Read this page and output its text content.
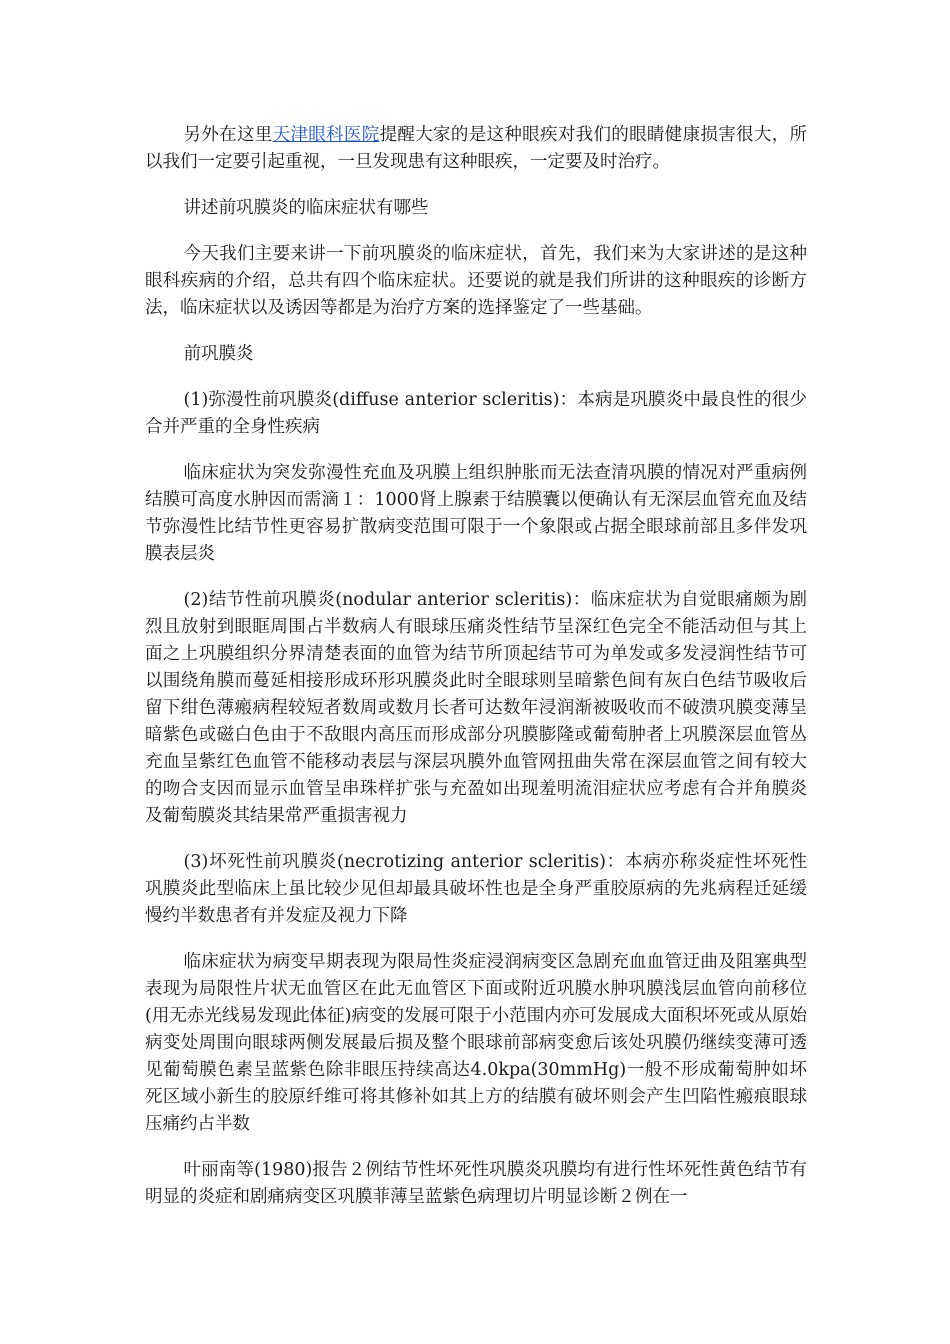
另外在这里天津眼科医院提醒大家的是这种眼疾对我们的眼睛健康损害很大，所以我们一定要引起重视，一旦发现患有这种眼疾，一定要及时治疗。

讲述前巩膜炎的临床症状有哪些

今天我们主要来讲一下前巩膜炎的临床症状，首先，我们来为大家讲述的是这种眼科疾病的介绍，总共有四个临床症状。还要说的就是我们所讲的这种眼疾的诊断方法，临床症状以及诱因等都是为治疗方案的选择鉴定了一些基础。

前巩膜炎

(1)弥漫性前巩膜炎(diffuse anterior scleritis)：本病是巩膜炎中最良性的很少合并严重的全身性疾病

临床症状为突发弥漫性充血及巩膜上组织肿胀而无法查清巩膜的情况对严重病例结膜可高度水肿因而需滴１：1000肾上腺素于结膜囊以便确认有无深层血管充血及结节弥漫性比结节性更容易扩散病变范围可限于一个象限或占据全眼球前部且多伴发巩膜表层炎

(2)结节性前巩膜炎(nodular anterior scleritis)：临床症状为自觉眼痛颇为剧烈且放射到眼眶周围占半数病人有眼球压痛炎性结节呈深红色完全不能活动但与其上面之上巩膜组织分界清楚表面的血管为结节所顶起结节可为单发或多发浸润性结节可以围绕角膜而蔓延相接形成环形巩膜炎此时全眼球则呈暗紫色间有灰白色结节吸收后留下绀色薄瘢病程较短者数周或数月长者可达数年浸润渐被吸收而不破溃巩膜变薄呈暗紫色或磁白色由于不敌眼内高压而形成部分巩膜膨隆或葡萄肿者上巩膜深层血管丛充血呈紫红色血管不能移动表层与深层巩膜外血管网扭曲失常在深层血管之间有较大的吻合支因而显示血管呈串珠样扩张与充盈如出现羞明流泪症状应考虑有合并角膜炎及葡萄膜炎其结果常严重损害视力

(3)坏死性前巩膜炎(necrotizing anterior scleritis)：本病亦称炎症性坏死性巩膜炎此型临床上虽比较少见但却最具破坏性也是全身严重胶原病的先兆病程迁延缓慢约半数患者有并发症及视力下降

临床症状为病变早期表现为限局性炎症浸润病变区急剧充血血管迂曲及阻塞典型表现为局限性片状无血管区在此无血管区下面或附近巩膜水肿巩膜浅层血管向前移位(用无赤光线易发现此体征)病变的发展可限于小范围内亦可发展成大面积坏死或从原始病变处周围向眼球两侧发展最后损及整个眼球前部病变愈后该处巩膜仍继续变薄可透见葡萄膜色素呈蓝紫色除非眼压持续高达4.0kpa(30mmHg)一般不形成葡萄肿如坏死区域小新生的胶原纤维可将其修补如其上方的结膜有破坏则会产生凹陷性瘢痕眼球压痛约占半数

叶丽南等(1980)报告２例结节性坏死性巩膜炎巩膜均有进行性坏死性黄色结节有明显的炎症和剧痛病变区巩膜菲薄呈蓝紫色病理切片明显诊断２例在一
